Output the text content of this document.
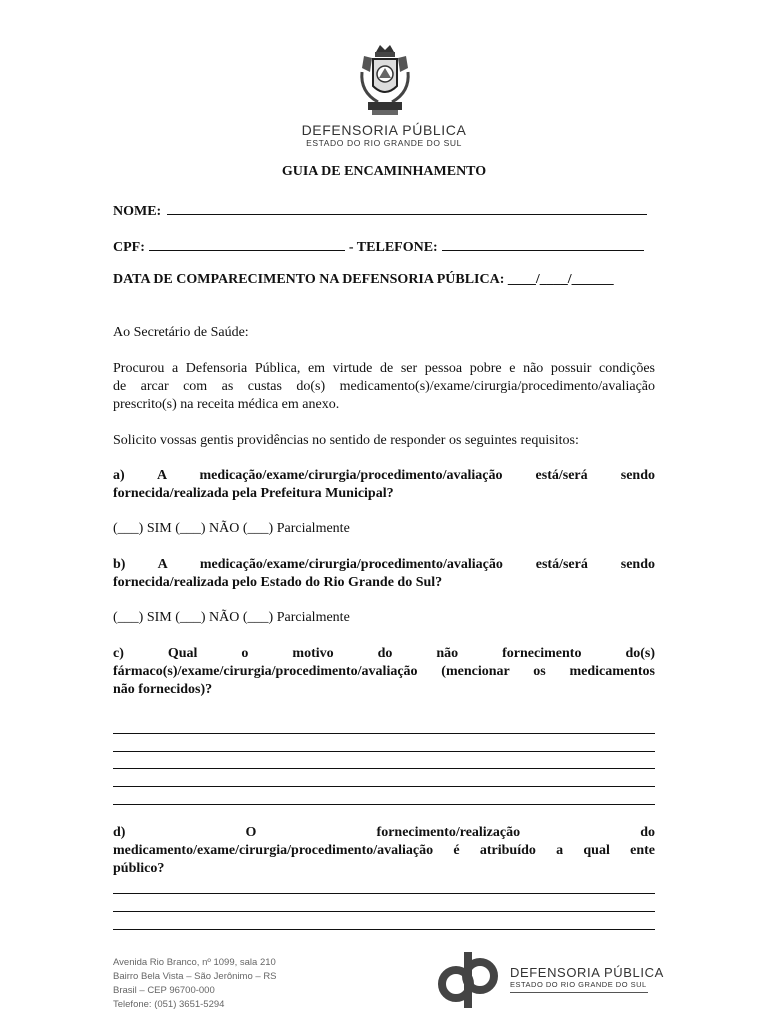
DEFENSORIA PÚBLICA
ESTADO DO RIO GRANDE DO SUL
GUIA DE ENCAMINHAMENTO
NOME:
CPF:	- TELEFONE:
DATA DE COMPARECIMENTO NA DEFENSORIA PÚBLICA: ____/____/______
Ao Secretário de Saúde:
Procurou a Defensoria Pública, em virtude de ser pessoa pobre e não possuir condições
de arcar com as custas do(s) medicamento(s)/exame/cirurgia/procedimento/avaliação
prescrito(s) na receita médica em anexo.
Solicito vossas gentis providências no sentido de responder os seguintes requisitos:
a) A medicação/exame/cirurgia/procedimento/avaliação está/será sendo
fornecida/realizada pela Prefeitura Municipal?
(___) SIM (___) NÃO (___) Parcialmente
b) A medicação/exame/cirurgia/procedimento/avaliação está/será sendo
fornecida/realizada pelo Estado do Rio Grande do Sul?
(___) SIM (___) NÃO (___) Parcialmente
c) Qual o motivo do não fornecimento do(s)
fármaco(s)/exame/cirurgia/procedimento/avaliação (mencionar os medicamentos
não fornecidos)?
d) O fornecimento/realização do
medicamento/exame/cirurgia/procedimento/avaliação é atribuído a qual ente
público?
Avenida Rio Branco, nº 1099, sala 210
Bairro Bela Vista – São Jerônimo – RS
Brasil – CEP 96700-000
Telefone: (051) 3651-5294
DEFENSORIA PÚBLICA
ESTADO DO RIO GRANDE DO SUL
